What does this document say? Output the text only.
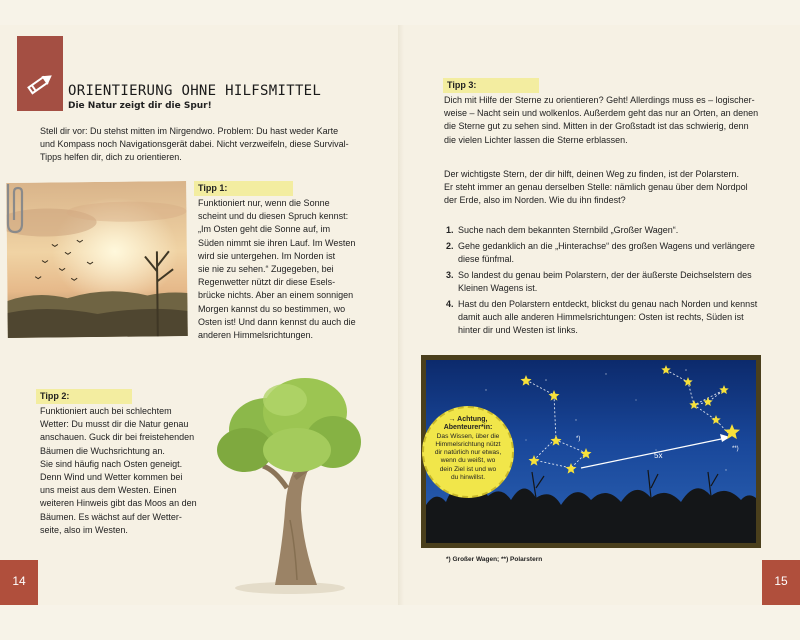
ORIENTIERUNG OHNE HILFSMITTEL
Die Natur zeigt dir die Spur!
Stell dir vor: Du stehst mitten im Nirgendwo. Problem: Du hast weder Karte
und Kompass noch Navigationsgerät dabei. Nicht verzweifeln, diese Survival-
Tipps helfen dir, dich zu orientieren.
Tipp 1:
Funktioniert nur, wenn die Sonne
scheint und du diesen Spruch kennst:
„Im Osten geht die Sonne auf, im
Süden nimmt sie ihren Lauf. Im Westen
wird sie untergehen. Im Norden ist
sie nie zu sehen.“ Zugegeben, bei
Regenwetter nützt dir diese Esels-
brücke nichts. Aber an einem sonnigen
Morgen kannst du so bestimmen, wo
Osten ist! Und dann kennst du auch die
anderen Himmelsrichtungen.
Tipp 2:
Funktioniert auch bei schlechtem
Wetter: Du musst dir die Natur genau
anschauen. Guck dir bei freistehenden
Bäumen die Wuchsrichtung an.
Sie sind häufig nach Osten geneigt.
Denn Wind und Wetter kommen bei
uns meist aus dem Westen. Einen
weiteren Hinweis gibt das Moos an den
Bäumen. Es wächst auf der Wetter-
seite, also im Westen.
14
Tipp 3:
Dich mit Hilfe der Sterne zu orientieren? Geht! Allerdings muss es – logischer-
weise – Nacht sein und wolkenlos. Außerdem geht das nur an Orten, an denen
die Sterne gut zu sehen sind. Mitten in der Großstadt ist das schwierig, denn
die vielen Lichter lassen die Sterne erblassen.
Der wichtigste Stern, der dir hilft, deinen Weg zu finden, ist der Polarstern.
Er steht immer an genau derselben Stelle: nämlich genau über dem Nordpol
der Erde, also im Norden. Wie du ihn findest?
1. Suche nach dem bekannten Sternbild „Großer Wagen“.
2. Gehe gedanklich an die „Hinterachse“ des großen Wagens und verlängere
diese fünfmal.
3. So landest du genau beim Polarstern, der der äußerste Deichselstern des
Kleinen Wagens ist.
4. Hast du den Polarstern entdeckt, blickst du genau nach Norden und kennst
damit auch alle anderen Himmelsrichtungen: Osten ist rechts, Süden ist
hinter dir und Westen ist links.
5x
*)
**)
→ Achtung,
Abenteurer*in:
Das Wissen, über die
Himmelsrichtung nützt
dir natürlich nur etwas,
wenn du weißt, wo
dein Ziel ist und wo
du hinwillst.
*) Großer Wagen; **) Polarstern
15
